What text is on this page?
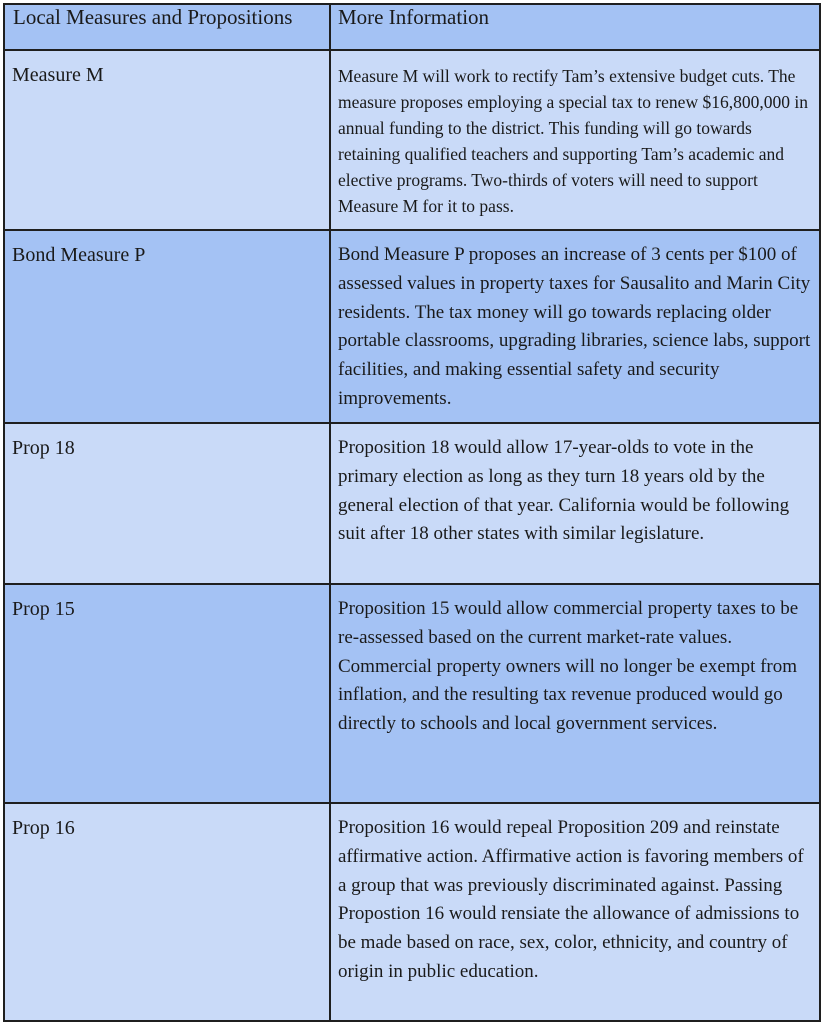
Local Measures and Propositions	More Information
Measure M	Measure M will work to rectify Tam’s extensive budget cuts. The measure proposes employing a special tax to renew $16,800,000 in annual funding to the district. This funding will go towards retaining qualified teachers and supporting Tam’s academic and elective programs. Two-thirds of voters will need to support Measure M for it to pass.
Bond Measure P	Bond Measure P proposes an increase of 3 cents per $100 of assessed values in property taxes for Sausalito and Marin City residents. The tax money will go towards replacing older portable classrooms, upgrading libraries, science labs, support facilities, and making essential safety and security improvements.
Prop 18	Proposition 18 would allow 17-year-olds to vote in the primary election as long as they turn 18 years old by the general election of that year. California would be following suit after 18 other states with similar legislature.
Prop 15	Proposition 15 would allow commercial property taxes to be re-assessed based on the current market-rate values. Commercial property owners will no longer be exempt from inflation, and the resulting tax revenue produced would go directly to schools and local government services.
Prop 16	Proposition 16 would repeal Proposition 209 and reinstate affirmative action. Affirmative action is favoring members of a group that was previously discriminated against. Passing Propostion 16 would rensiate the allowance of admissions to be made based on race, sex, color, ethnicity, and country of origin in public education.
